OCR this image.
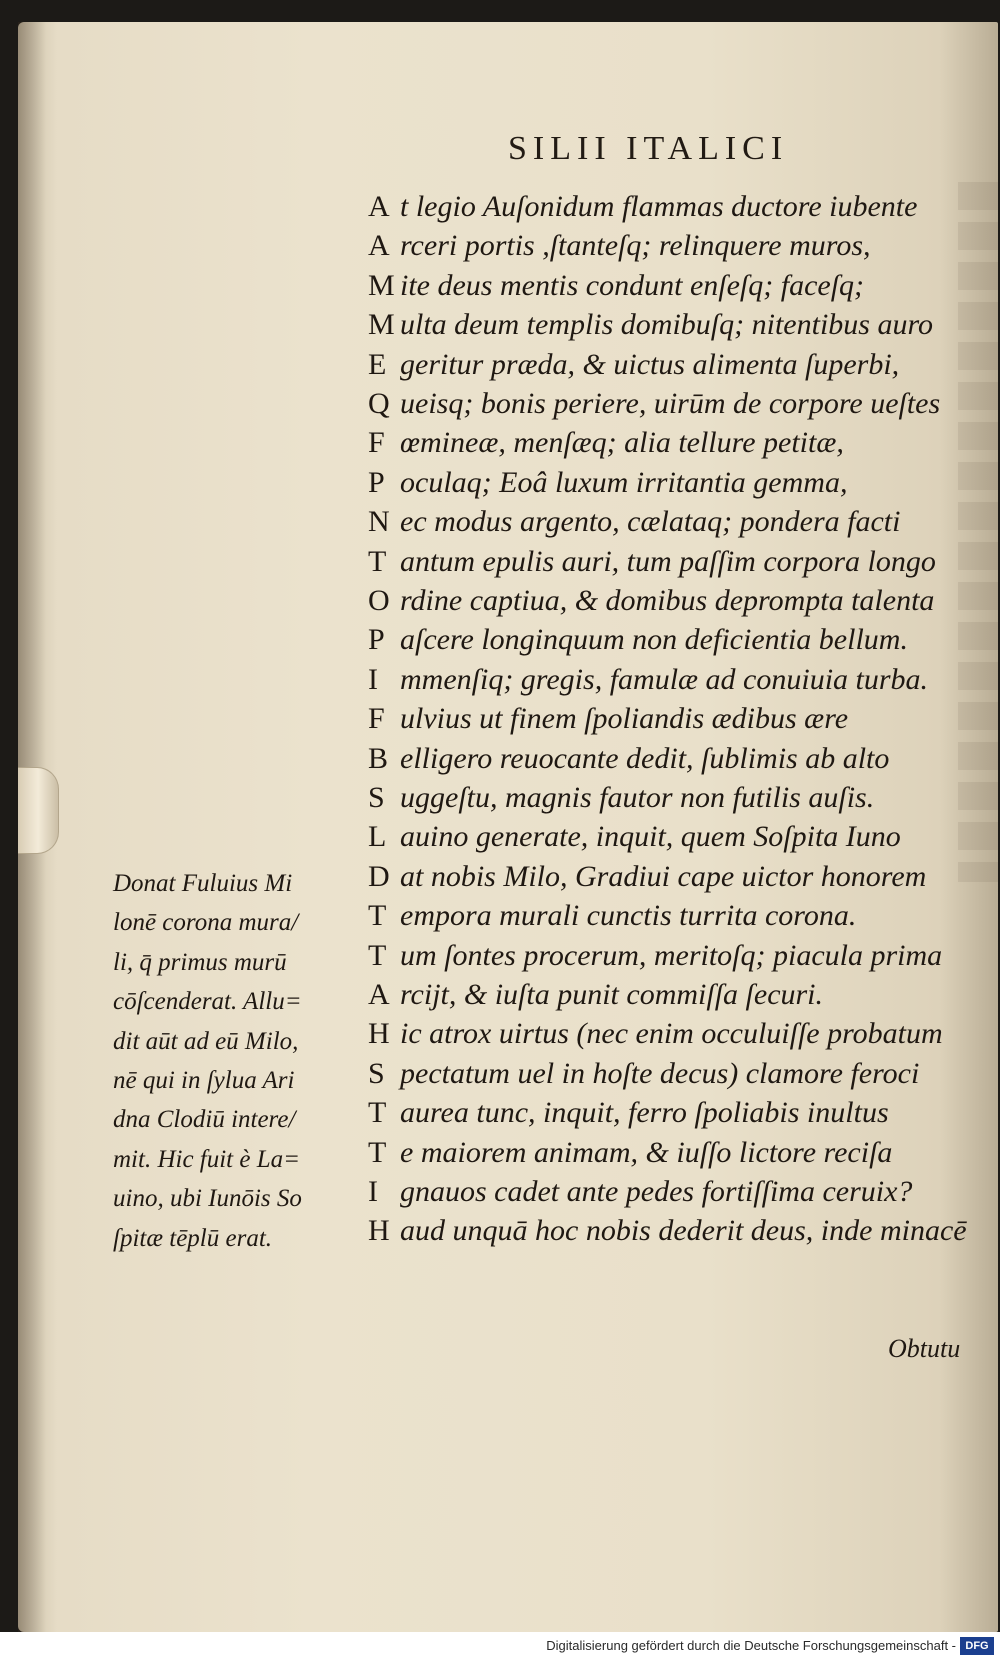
SILII ITALICI
A t legio Auſonidum flammas ductore iubente
A rceri portis ,ſtanteſq; relinquere muros,
M ite deus mentis condunt enſeſq; faceſq;
M ulta deum templis domibuſq; nitentibus auro
E geritur præda, & uictus alimenta ſuperbi,
Q ueisq; bonis periere, uirūm de corpore ueſtes
F œmineæ, menſæq; alia tellure petitæ,
P oculaq; Eoâ luxum irritantia gemma,
N ec modus argento, cælataq; pondera facti
T antum epulis auri, tum paſſim corpora longo
O rdine captiua, & domibus deprompta talenta
P aſcere longinquum non deficientia bellum.
I mmenſiq; gregis, famulæ ad conuiuia turba.
F ulvius ut finem ſpoliandis ædibus ære
B elligero reuocante dedit, ſublimis ab alto
S uggeſtu, magnis fautor non futilis auſis.
L auino generate, inquit, quem Soſpita Iuno
D at nobis Milo, Gradiui cape uictor honorem
T empora murali cunctis turrita corona.
T um ſontes procerum, meritoſq; piacula prima
A rcijt, & iuſta punit commiſſa ſecuri.
H ic atrox uirtus (nec enim occuluiſſe probatum
S pectatum uel in hoſte decus) clamore feroci
T aurea tunc, inquit, ferro ſpoliabis inultus
T e maiorem animam, & iuſſo lictore reciſa
I gnauos cadet ante pedes fortiſſima ceruix?
H aud unquā hoc nobis dederit deus, inde minacē
Obtutu
Donat Fuluius Mi
lonē corona mura/
li, q̄ primus murū
cōſcenderat. Allu=
dit aūt ad eū Milo,
nē qui in ſylua Ari
dna Clodiū intere/
mit. Hic fuit è La=
uino, ubi Iunōis So
ſpitæ tēplū erat.
Digitalisierung gefördert durch die Deutsche Forschungsgemeinschaft - DFG
